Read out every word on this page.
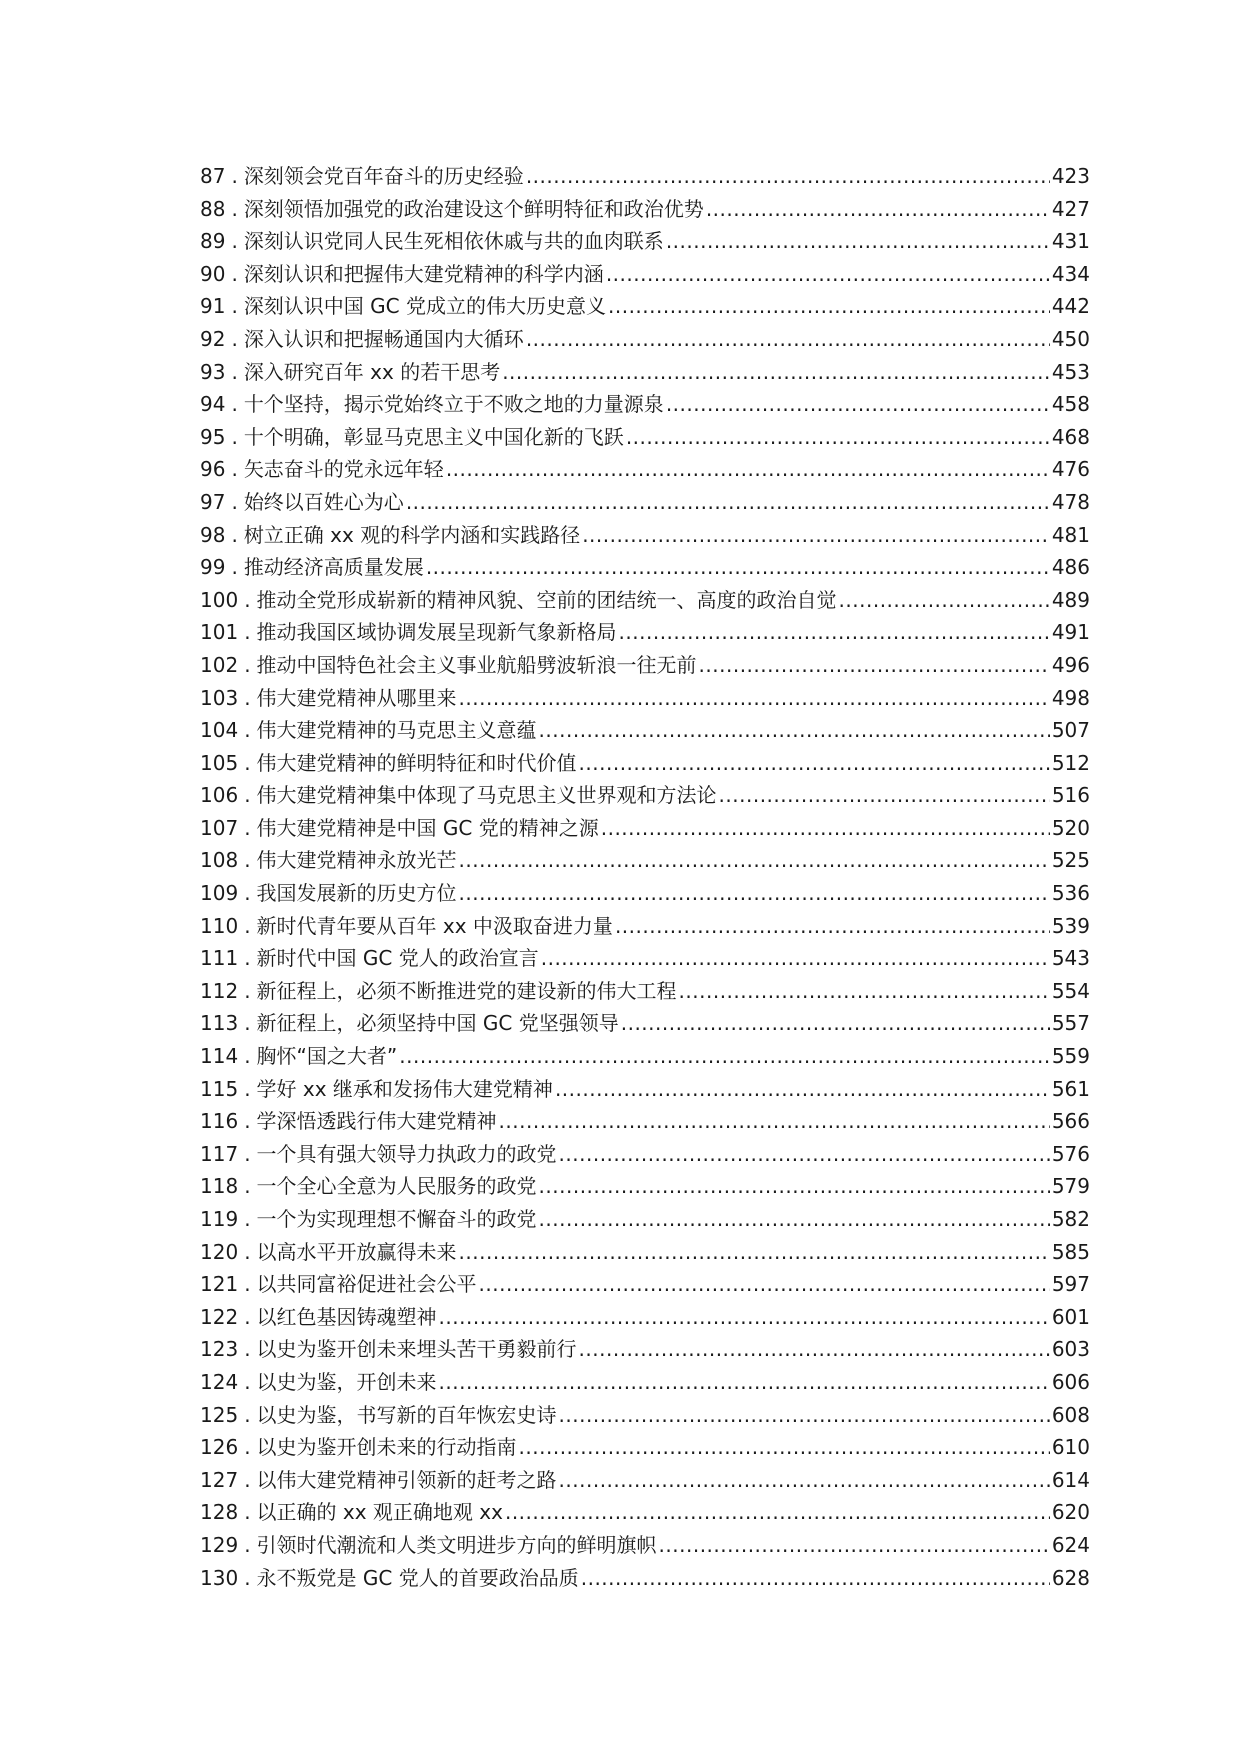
87 . 深刻领会党百年奋斗的历史经验 .....	423
88 . 深刻领悟加强党的政治建设这个鲜明特征和政治优势 .....	427
89 . 深刻认识党同人民生死相依休戚与共的血肉联系 .....	431
90 . 深刻认识和把握伟大建党精神的科学内涵 .....	434
91 . 深刻认识中国 GC 党成立的伟大历史意义 .....	442
92 . 深入认识和把握畅通国内大循环 .....	450
93 . 深入研究百年 xx 的若干思考 .....	453
94 . 十个坚持，揭示党始终立于不败之地的力量源泉 .....	458
95 . 十个明确，彰显马克思主义中国化新的飞跃 .....	468
96 . 矢志奋斗的党永远年轻 .....	476
97 . 始终以百姓心为心 .....	478
98 . 树立正确 xx 观的科学内涵和实践路径 .....	481
99 . 推动经济高质量发展 .....	486
100 . 推动全党形成崭新的精神风貌、空前的团结统一、高度的政治自觉 .....	489
101 . 推动我国区域协调发展呈现新气象新格局 .....	491
102 . 推动中国特色社会主义事业航船劈波斩浪一往无前 .....	496
103 . 伟大建党精神从哪里来 .....	498
104 . 伟大建党精神的马克思主义意蕴 .....	507
105 . 伟大建党精神的鲜明特征和时代价值 .....	512
106 . 伟大建党精神集中体现了马克思主义世界观和方法论 .....	516
107 . 伟大建党精神是中国 GC 党的精神之源 .....	520
108 . 伟大建党精神永放光芒 .....	525
109 . 我国发展新的历史方位 .....	536
110 . 新时代青年要从百年 xx 中汲取奋进力量 .....	539
111 . 新时代中国 GC 党人的政治宣言 .....	543
112 . 新征程上，必须不断推进党的建设新的伟大工程 .....	554
113 . 新征程上，必须坚持中国 GC 党坚强领导 .....	557
114 . 胸怀“国之大者” .....	559
115 . 学好 xx 继承和发扬伟大建党精神 .....	561
116 . 学深悟透践行伟大建党精神 .....	566
117 . 一个具有强大领导力执政力的政党 .....	576
118 . 一个全心全意为人民服务的政党 .....	579
119 . 一个为实现理想不懈奋斗的政党 .....	582
120 . 以高水平开放赢得未来 .....	585
121 . 以共同富裕促进社会公平 .....	597
122 . 以红色基因铸魂塑神 .....	601
123 . 以史为鉴开创未来埋头苦干勇毅前行 .....	603
124 . 以史为鉴，开创未来 .....	606
125 . 以史为鉴，书写新的百年恢宏史诗 .....	608
126 . 以史为鉴开创未来的行动指南 .....	610
127 . 以伟大建党精神引领新的赶考之路 .....	614
128 . 以正确的 xx 观正确地观 xx .....	620
129 . 引领时代潮流和人类文明进步方向的鲜明旗帜 .....	624
130 . 永不叛党是 GC 党人的首要政治品质 .....	628
